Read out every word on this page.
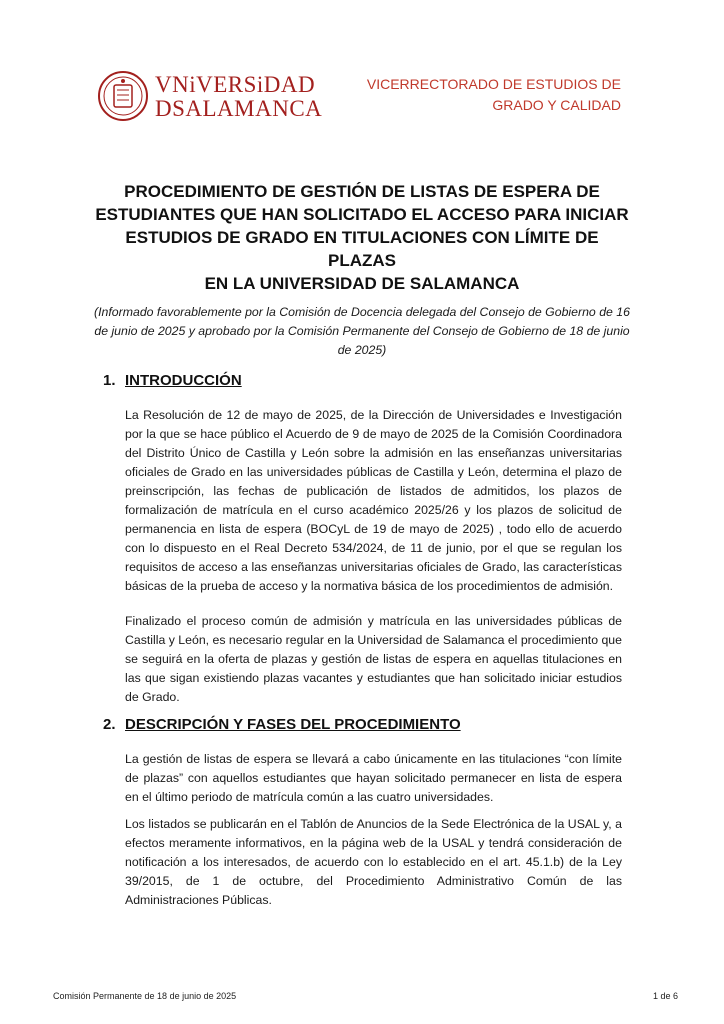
VNiVERSiDAD
DSALAMANCA
VICERRECTORADO DE ESTUDIOS DE
GRADO Y CALIDAD
PROCEDIMIENTO DE GESTIÓN DE LISTAS DE ESPERA DE
ESTUDIANTES QUE HAN SOLICITADO EL ACCESO PARA INICIAR
ESTUDIOS DE GRADO EN TITULACIONES CON LÍMITE DE PLAZAS
EN LA UNIVERSIDAD DE SALAMANCA
(Informado favorablemente por la Comisión de Docencia delegada del Consejo de Gobierno de 16 de junio de 2025 y aprobado por la Comisión Permanente del Consejo de Gobierno de 18 de junio de 2025)
1. INTRODUCCIÓN

La Resolución de 12 de mayo de 2025, de la Dirección de Universidades e Investigación por la que se hace público el Acuerdo de 9 de mayo de 2025 de la Comisión Coordinadora del Distrito Único de Castilla y León sobre la admisión en las enseñanzas universitarias oficiales de Grado en las universidades públicas de Castilla y León, determina el plazo de preinscripción, las fechas de publicación de listados de admitidos, los plazos de formalización de matrícula en el curso académico 2025/26 y los plazos de solicitud de permanencia en lista de espera (BOCyL de 19 de mayo de 2025) , todo ello de acuerdo con lo dispuesto en el Real Decreto 534/2024, de 11 de junio, por el que se regulan los requisitos de acceso a las enseñanzas universitarias oficiales de Grado, las características básicas de la prueba de acceso y la normativa básica de los procedimientos de admisión.

Finalizado el proceso común de admisión y matrícula en las universidades públicas de Castilla y León, es necesario regular en la Universidad de Salamanca el procedimiento que se seguirá en la oferta de plazas y gestión de listas de espera en aquellas titulaciones en las que sigan existiendo plazas vacantes y estudiantes que han solicitado iniciar estudios de Grado.

2. DESCRIPCIÓN Y FASES DEL PROCEDIMIENTO

La gestión de listas de espera se llevará a cabo únicamente en las titulaciones “con límite de plazas” con aquellos estudiantes que hayan solicitado permanecer en lista de espera en el último periodo de matrícula común a las cuatro universidades.

Los listados se publicarán en el Tablón de Anuncios de la Sede Electrónica de la USAL y, a efectos meramente informativos, en la página web de la USAL y tendrá consideración de notificación a los interesados, de acuerdo con lo establecido en el art. 45.1.b) de la Ley 39/2015, de 1 de octubre, del Procedimiento Administrativo Común de las Administraciones Públicas.

Comisión Permanente de 18 de junio de 2025	1 de 6
